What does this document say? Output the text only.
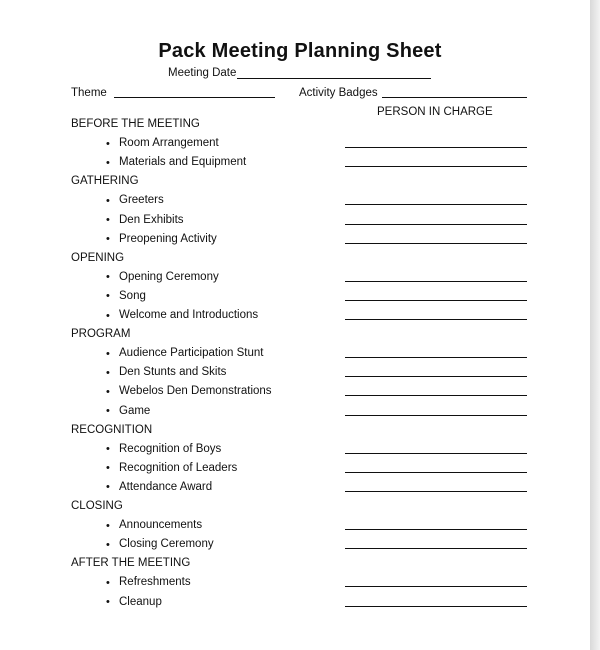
Pack Meeting Planning Sheet
Meeting Date
Theme	Activity Badges
PERSON IN CHARGE
BEFORE THE MEETING
• Room Arrangement
• Materials and Equipment
GATHERING
• Greeters
• Den Exhibits
• Preopening Activity
OPENING
• Opening Ceremony
• Song
• Welcome and Introductions
PROGRAM
• Audience Participation Stunt
• Den Stunts and Skits
• Webelos Den Demonstrations
• Game
RECOGNITION
• Recognition of Boys
• Recognition of Leaders
• Attendance Award
CLOSING
• Announcements
• Closing Ceremony
AFTER THE MEETING
• Refreshments
• Cleanup
